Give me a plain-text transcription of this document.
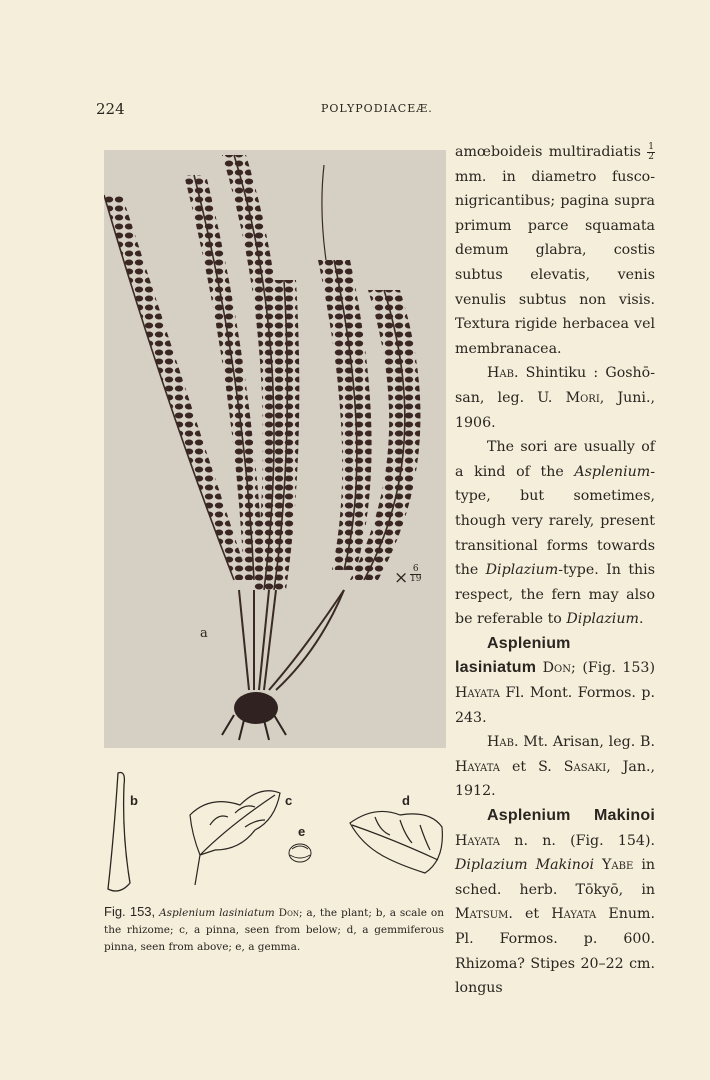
224	POLYPODIACEÆ.
a
× $\frac{6}{19}$
b	c	d
e
Fig. 153, Asplenium lasiniatum Don; a, the plant; b, a scale on the rhizome; c, a pinna, seen from below; d, a gemmiferous pinna, seen from above; e, a gemma.

amœboideis multiradiatis $\frac{1}{2}$
mm. in diametro fusco-nigricantibus; pagina supra primum parce squamata demum glabra, costis subtus elevatis, venis venulis subtus non visis. Textura rigide herbacea vel membranacea.

Hab. Shintiku : Goshō-san, leg. U. Mori, Juni., 1906.

The sori are usually of a kind of the Asplenium-type, but sometimes, though very rarely, present transitional forms towards the Diplazium-type. In this respect, the fern may also be referable to Diplazium.

Asplenium lasiniatum Don; (Fig. 153) Hayata Fl. Mont. Formos. p. 243.

Hab. Mt. Arisan, leg. B. Hayata et S. Sasaki, Jan., 1912.

Asplenium Makinoi Hayata n. n. (Fig. 154). Diplazium Makinoi Yabe in sched. herb. Tōkyō, in Matsum. et Hayata Enum. Pl. Formos. p. 600. Rhizoma? Stipes 20–22 cm. longus
